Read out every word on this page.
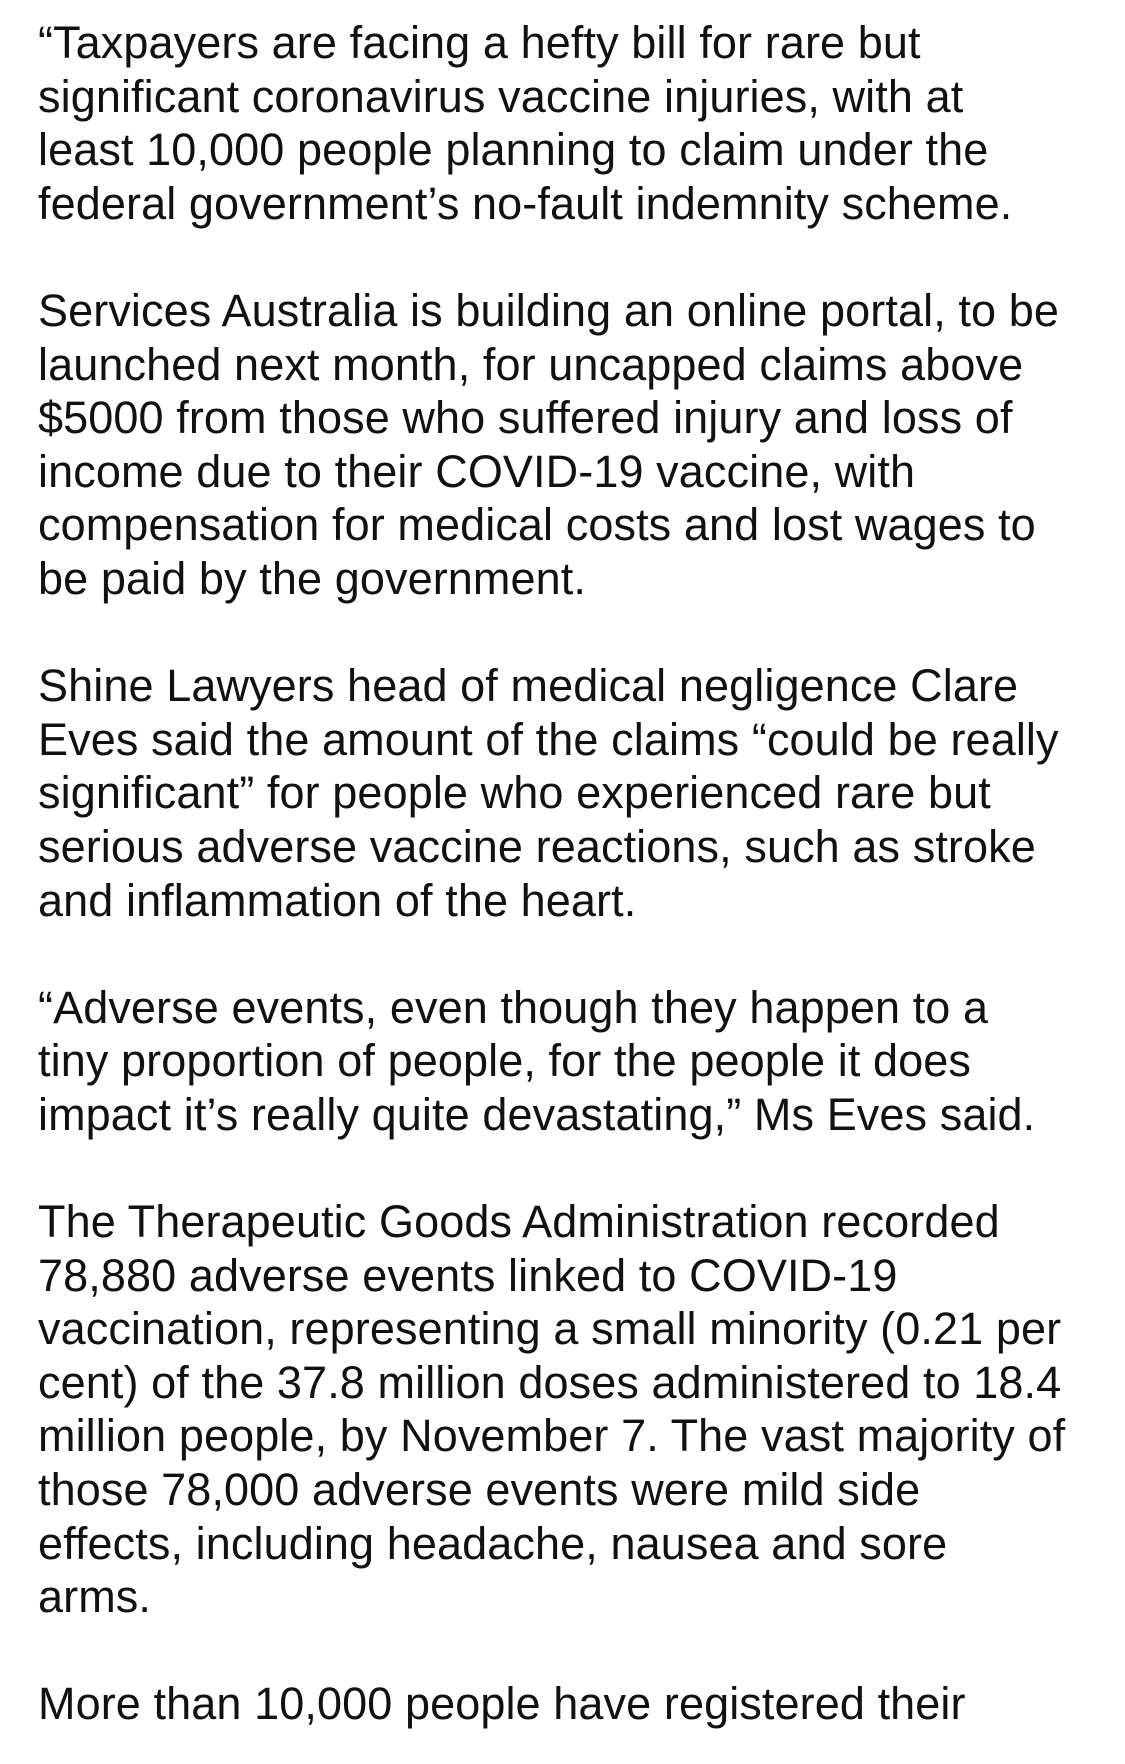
“Taxpayers are facing a hefty bill for rare but
significant coronavirus vaccine injuries, with at
least 10,000 people planning to claim under the
federal government’s no-fault indemnity scheme.

Services Australia is building an online portal, to be
launched next month, for uncapped claims above
$5000 from those who suffered injury and loss of
income due to their COVID-19 vaccine, with
compensation for medical costs and lost wages to
be paid by the government.

Shine Lawyers head of medical negligence Clare
Eves said the amount of the claims “could be really
significant” for people who experienced rare but
serious adverse vaccine reactions, such as stroke
and inflammation of the heart.

“Adverse events, even though they happen to a
tiny proportion of people, for the people it does
impact it’s really quite devastating,” Ms Eves said.

The Therapeutic Goods Administration recorded
78,880 adverse events linked to COVID-19
vaccination, representing a small minority (0.21 per
cent) of the 37.8 million doses administered to 18.4
million people, by November 7. The vast majority of
those 78,000 adverse events were mild side
effects, including headache, nausea and sore
arms.

More than 10,000 people have registered their
